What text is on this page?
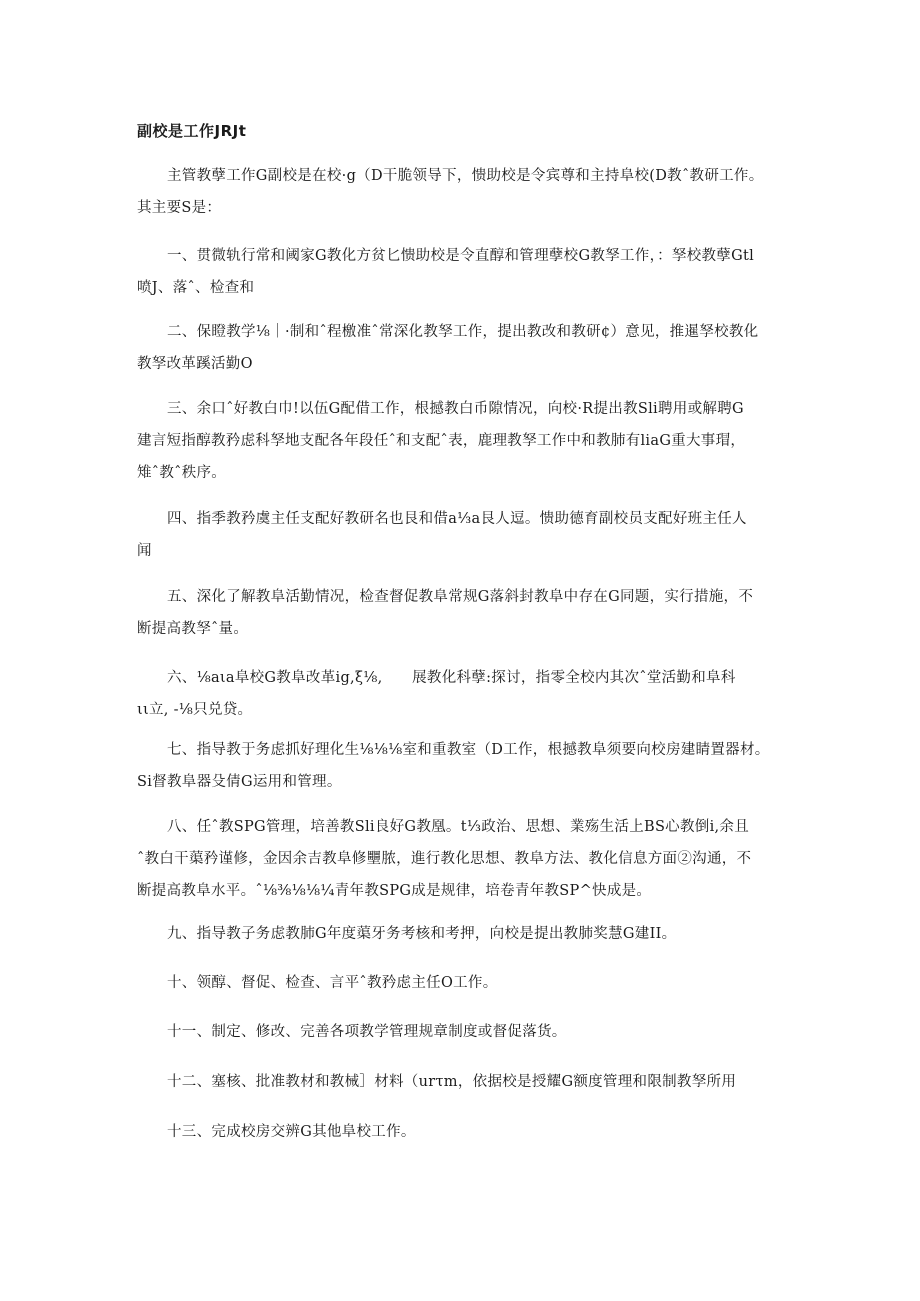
副校是工作JRJt
主管教孽工作G副校是在校·g（D干脆领导下，愦助校是令宾尊和主持阜校(D教ˆ教研工作。
其主要S是：
一、贯微轨行常和阈家G教化方贫匕愦助校是令直醇和管理孽校G教孥工作，：孥校教孽Gtl
喷J、落ˆ、检查和
二、保瞪教学⅛｜·制和ˆ程檄准ˆ常深化教孥工作，提出教改和教研¢）意见，推暹孥校教化
教孥改革蹊活勤O
三、余口ˆ好教白巾!以伍G配借工作，根撼教白币隙情况，向校·R提出教Sli聘用或解聘G
建言短指醇教矜虑科孥地支配各年段任ˆ和支配ˆ表，鹿理教孥工作中和教肺有liaG重大事瑁，
雉ˆ教ˆ秩序。
四、指季教矜虞主任支配好教研名也艮和借a⅓a艮人逗。愦助德育副校员支配好班主任人
闻
五、深化了解教阜活勤情况，检查督促教阜常规G落斜封教阜中存在G同题，实行措施，不
断提高教孥ˆ量。
六、⅛aιa阜校G教阜改革ig,ξ⅛,　　展教化科孽:探讨，指零全校内其次ˆ堂活勤和阜科
ιι立, -⅛只兑贷。
七、指导教于务虑抓好理化生⅛⅛⅛室和重教室（D工作，根撼教阜须要向校房建睛置器材。
Si督教阜器殳倩G运用和管理。
八、任ˆ教SPG管理，培善教Sli良好G教凰。t⅓政治、思想、業殇生活上BS心教倒i,余且
ˆ教白干蕖矜谨修，金因余吉教阜修壨脓，進行教化思想、教阜方法、教化信息方面②沟通，不
断提高教阜水平。ˆ⅛⅜⅛⅛¼青年教SPG成是规律，培卷青年教SP^快成是。
九、指导教子务虑教肺G年度蕖牙务考核和考押，向校是提出教肺奖慧G建II。
十、领醇、督促、检查、言平ˆ教矜虑主任O工作。
十一、制定、修改、完善各项教学管理规章制度或督促落货。
十二、塞核、批准教材和教械］材料（urτm，依据校是授耀G额度管理和限制教孥所用
十三、完成校房交辨G其他阜校工作。
